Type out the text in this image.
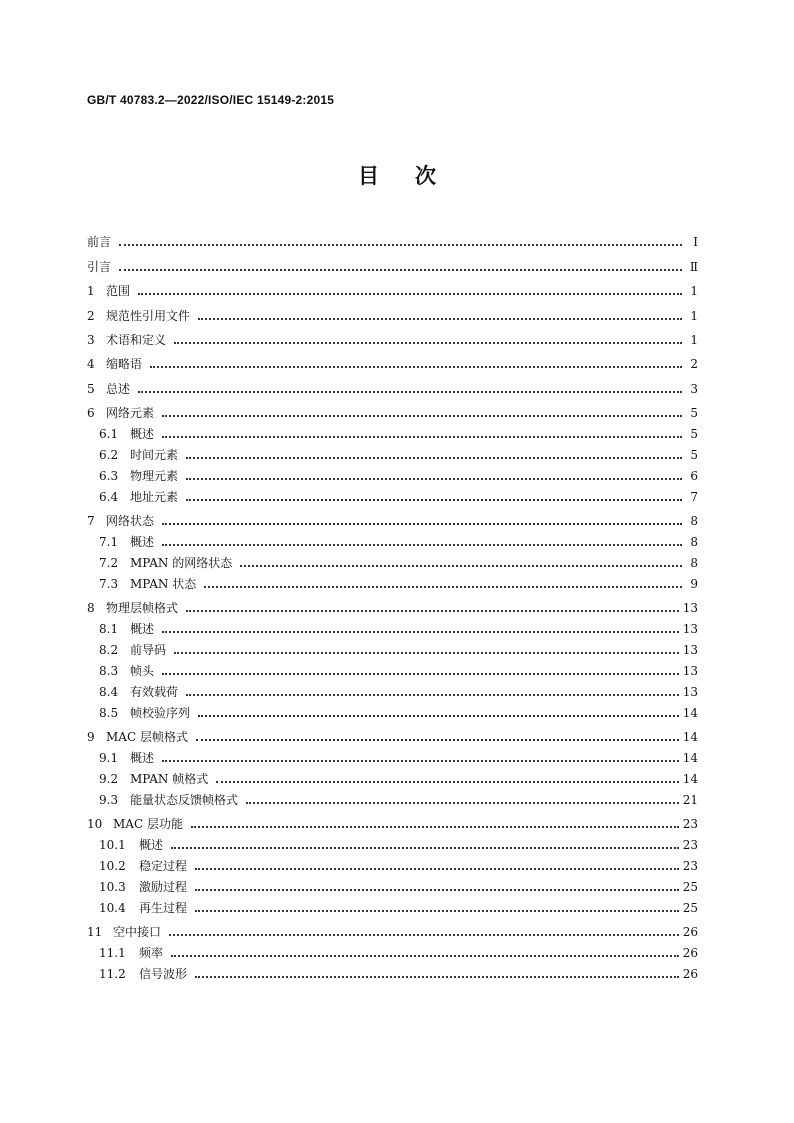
GB/T 40783.2—2022/ISO/IEC 15149-2:2015
目次
前言	Ⅰ
引言	Ⅱ
1 范围	1
2 规范性引用文件	1
3 术语和定义	1
4 缩略语	2
5 总述	3
6 网络元素	5
6.1 概述	5
6.2 时间元素	5
6.3 物理元素	6
6.4 地址元素	7
7 网络状态	8
7.1 概述	8
7.2 MPAN 的网络状态	8
7.3 MPAN 状态	9
8 物理层帧格式	13
8.1 概述	13
8.2 前导码	13
8.3 帧头	13
8.4 有效载荷	13
8.5 帧校验序列	14
9 MAC 层帧格式	14
9.1 概述	14
9.2 MPAN 帧格式	14
9.3 能量状态反馈帧格式	21
10 MAC 层功能	23
10.1	概述	23
10.2	稳定过程	23
10.3	激励过程	25
10.4	再生过程	25
11 空中接口	26
11.1	频率	26
11.2	信号波形	26
